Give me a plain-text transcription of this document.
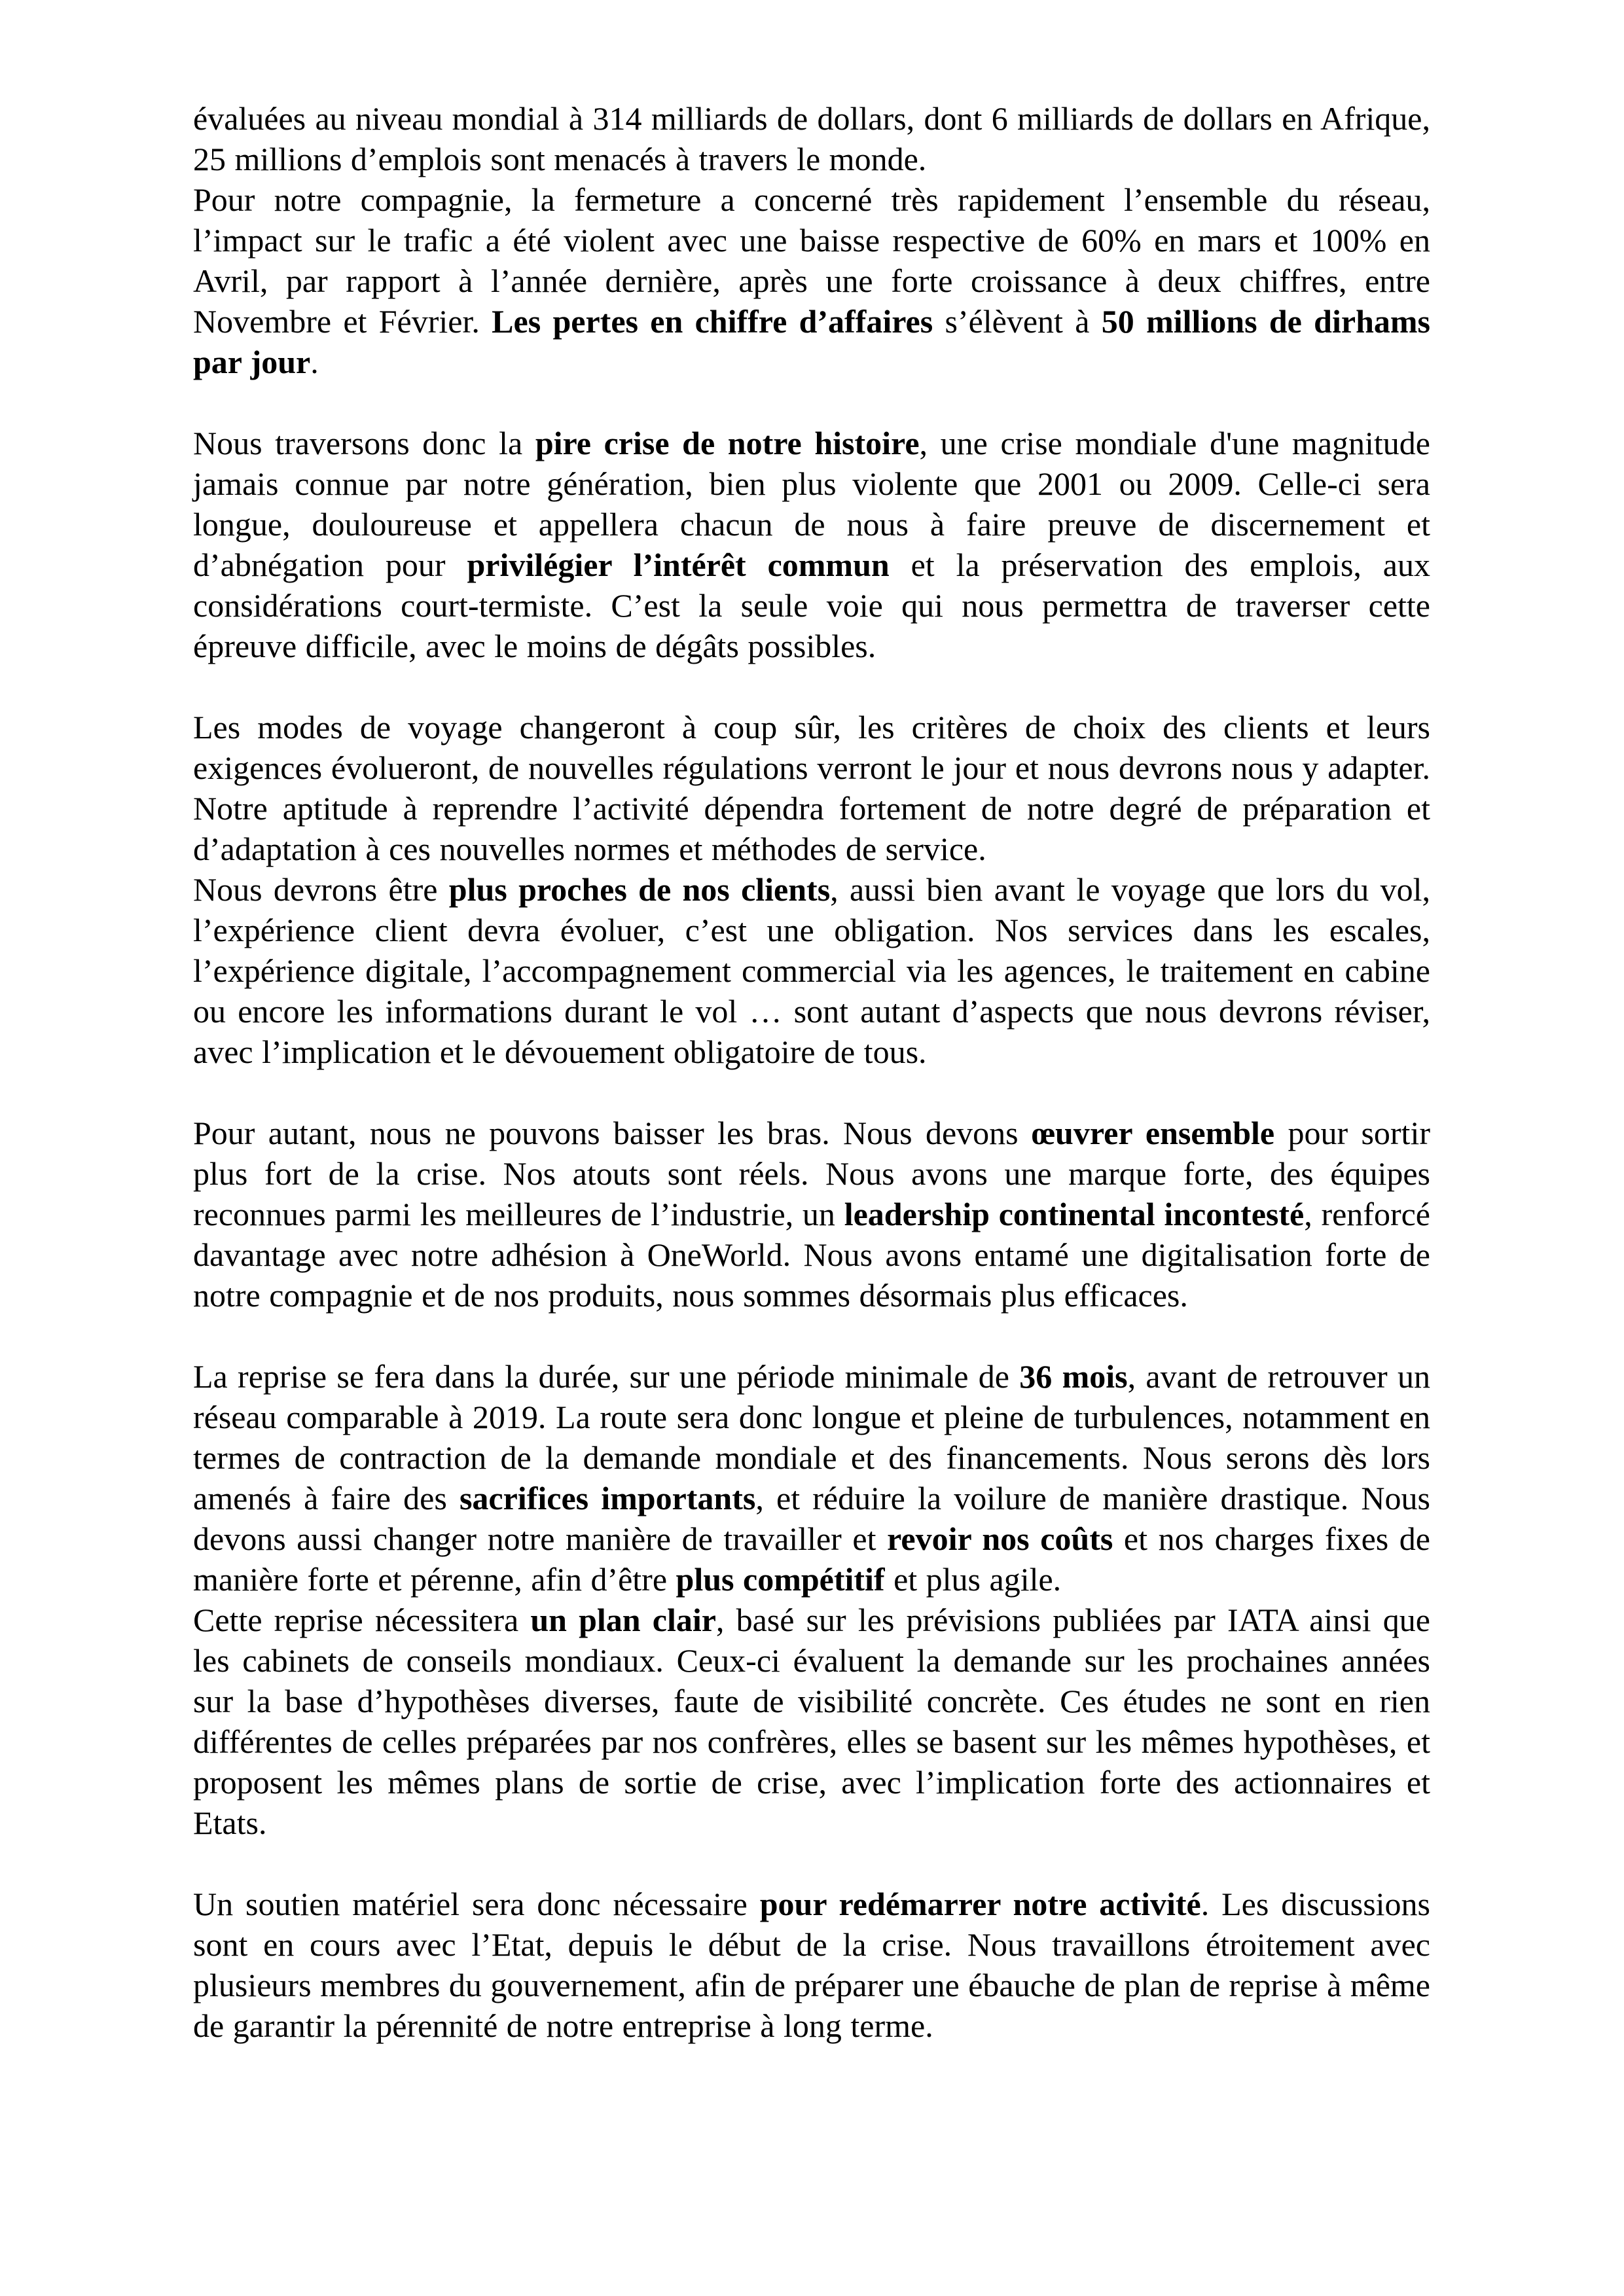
évaluées au niveau mondial à 314 milliards de dollars, dont 6 milliards de dollars en Afrique, 25 millions d’emplois sont menacés à travers le monde.

Pour notre compagnie, la fermeture a concerné très rapidement l’ensemble du réseau, l’impact sur le trafic a été violent avec une baisse respective de 60% en mars et 100% en Avril, par rapport à l’année dernière, après une forte croissance à deux chiffres, entre Novembre et Février. Les pertes en chiffre d’affaires s’élèvent à 50 millions de dirhams par jour.

Nous traversons donc la pire crise de notre histoire, une crise mondiale d'une magnitude jamais connue par notre génération, bien plus violente que 2001 ou 2009. Celle-ci sera longue, douloureuse et appellera chacun de nous à faire preuve de discernement et d’abnégation pour privilégier l’intérêt commun et la préservation des emplois, aux considérations court-termiste. C’est la seule voie qui nous permettra de traverser cette épreuve difficile, avec le moins de dégâts possibles.

Les modes de voyage changeront à coup sûr, les critères de choix des clients et leurs exigences évolueront, de nouvelles régulations verront le jour et nous devrons nous y adapter. Notre aptitude à reprendre l’activité dépendra fortement de notre degré de préparation et d’adaptation à ces nouvelles normes et méthodes de service.

Nous devrons être plus proches de nos clients, aussi bien avant le voyage que lors du vol, l’expérience client devra évoluer, c’est une obligation. Nos services dans les escales, l’expérience digitale, l’accompagnement commercial via les agences, le traitement en cabine ou encore les informations durant le vol … sont autant d’aspects que nous devrons réviser, avec l’implication et le dévouement obligatoire de tous.

Pour autant, nous ne pouvons baisser les bras. Nous devons œuvrer ensemble pour sortir plus fort de la crise. Nos atouts sont réels. Nous avons une marque forte, des équipes reconnues parmi les meilleures de l’industrie, un leadership continental incontesté, renforcé davantage avec notre adhésion à OneWorld. Nous avons entamé une digitalisation forte de notre compagnie et de nos produits, nous sommes désormais plus efficaces.

La reprise se fera dans la durée, sur une période minimale de 36 mois, avant de retrouver un réseau comparable à 2019. La route sera donc longue et pleine de turbulences, notamment en termes de contraction de la demande mondiale et des financements. Nous serons dès lors amenés à faire des sacrifices importants, et réduire la voilure de manière drastique. Nous devons aussi changer notre manière de travailler et revoir nos coûts et nos charges fixes de manière forte et pérenne, afin d’être plus compétitif et plus agile.

Cette reprise nécessitera un plan clair, basé sur les prévisions publiées par IATA ainsi que les cabinets de conseils mondiaux. Ceux-ci évaluent la demande sur les prochaines années sur la base d’hypothèses diverses, faute de visibilité concrète. Ces études ne sont en rien différentes de celles préparées par nos confrères, elles se basent sur les mêmes hypothèses, et proposent les mêmes plans de sortie de crise, avec l’implication forte des actionnaires et Etats.

Un soutien matériel sera donc nécessaire pour redémarrer notre activité. Les discussions sont en cours avec l’Etat, depuis le début de la crise. Nous travaillons étroitement avec plusieurs membres du gouvernement, afin de préparer une ébauche de plan de reprise à même de garantir la pérennité de notre entreprise à long terme.
